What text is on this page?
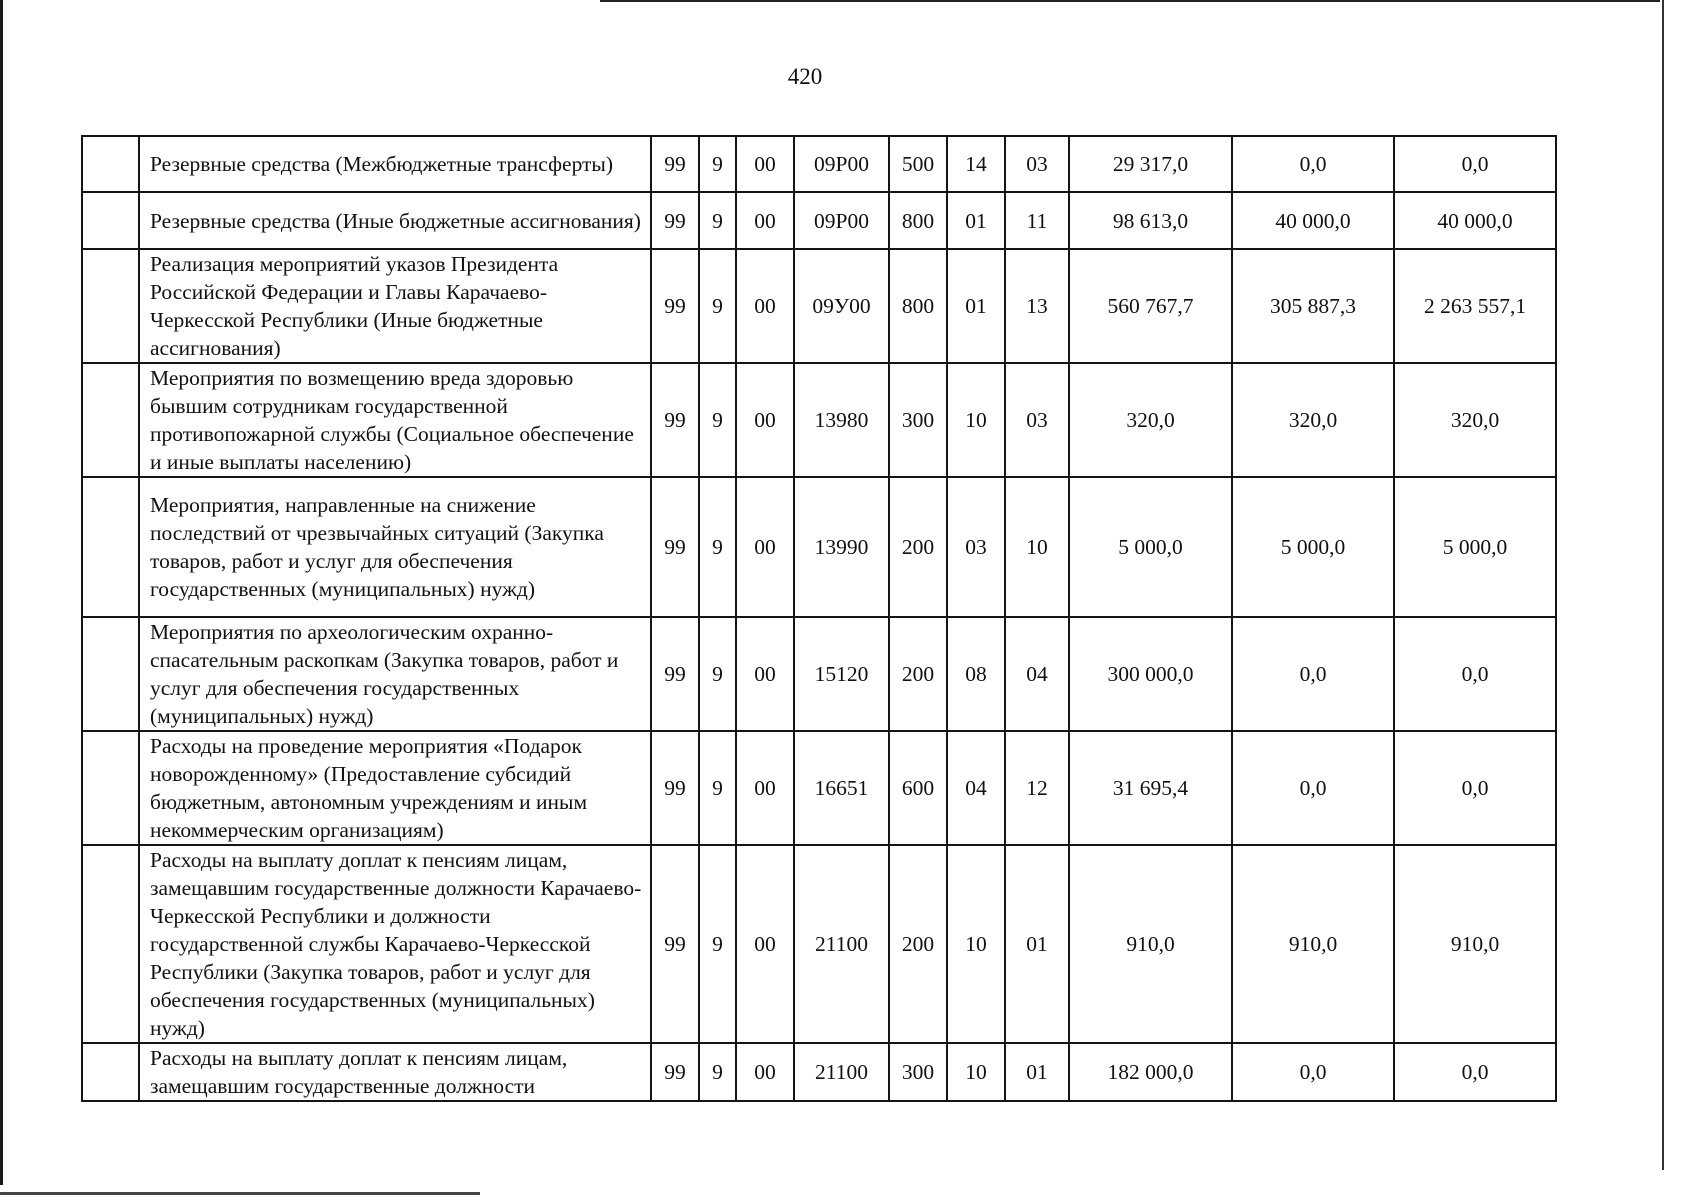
420
	Резервные средства (Межбюджетные трансферты)	99	9	00	09Р00	500	14	03	29 317,0	0,0	0,0
	Резервные средства (Иные бюджетные ассигнования)	99	9	00	09Р00	800	01	11	98 613,0	40 000,0	40 000,0
	Реализация мероприятий указов Президента Российской Федерации и Главы Карачаево-Черкесской Республики (Иные бюджетные ассигнования)	99	9	00	09У00	800	01	13	560 767,7	305 887,3	2 263 557,1
	Мероприятия по возмещению вреда здоровью бывшим сотрудникам государственной противопожарной службы (Социальное обеспечение и иные выплаты населению)	99	9	00	13980	300	10	03	320,0	320,0	320,0
	Мероприятия, направленные на снижение последствий от чрезвычайных ситуаций (Закупка товаров, работ и услуг для обеспечения государственных (муниципальных) нужд)	99	9	00	13990	200	03	10	5 000,0	5 000,0	5 000,0
	Мероприятия по археологическим охранно-спасательным раскопкам (Закупка товаров, работ и услуг для обеспечения государственных (муниципальных) нужд)	99	9	00	15120	200	08	04	300 000,0	0,0	0,0
	Расходы на проведение мероприятия «Подарок новорожденному» (Предоставление субсидий бюджетным, автономным учреждениям и иным некоммерческим организациям)	99	9	00	16651	600	04	12	31 695,4	0,0	0,0
	Расходы на выплату доплат к пенсиям лицам, замещавшим государственные должности Карачаево-Черкесской Республики и должности государственной службы Карачаево-Черкесской Республики (Закупка товаров, работ и услуг для обеспечения государственных (муниципальных) нужд)	99	9	00	21100	200	10	01	910,0	910,0	910,0
	Расходы на выплату доплат к пенсиям лицам, замещавшим государственные должности	99	9	00	21100	300	10	01	182 000,0	0,0	0,0
